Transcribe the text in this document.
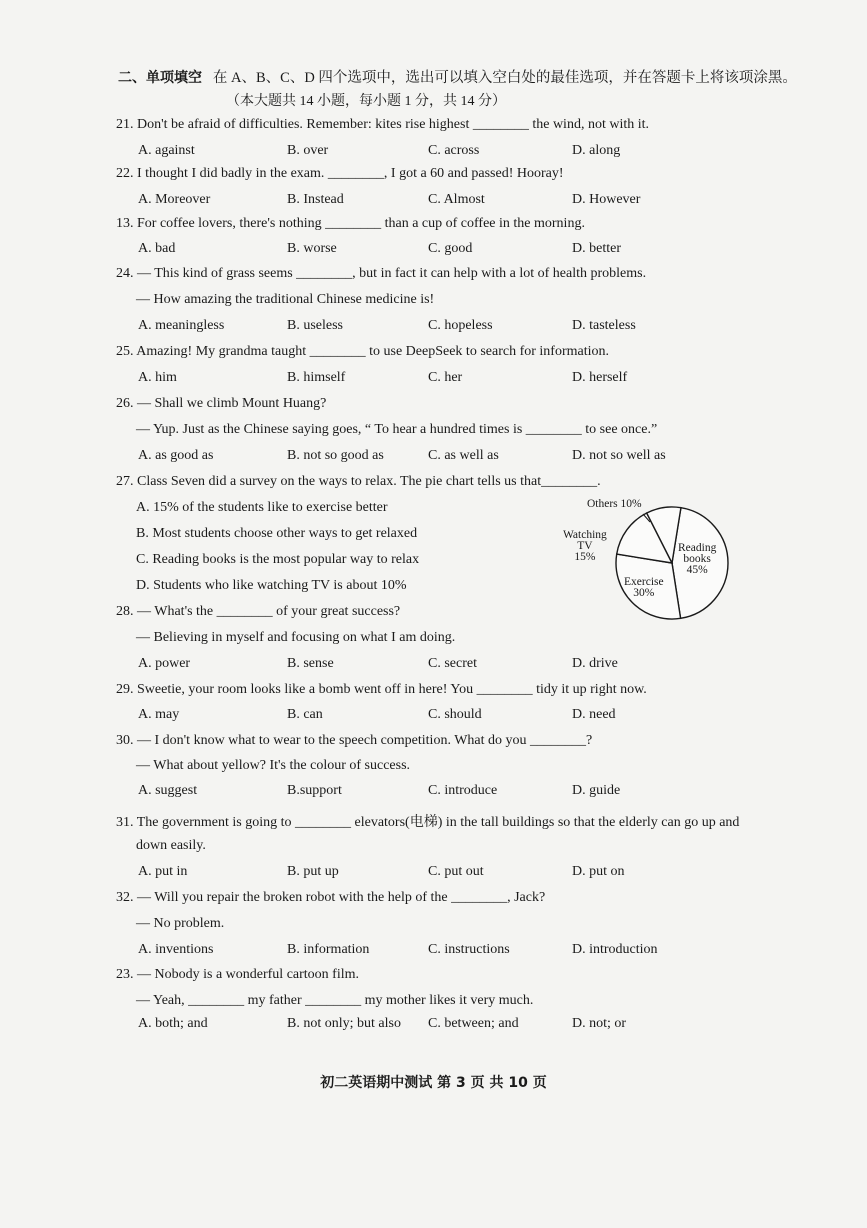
二、单项填空 在 A、B、C、D 四个选项中，选出可以填入空白处的最佳选项，并在答题卡上将该项涂黑。
（本大题共 14 小题，每小题 1 分，共 14 分）
21. Don't be afraid of difficulties. Remember: kites rise highest ________ the wind, not with it.
A. against	B. over	C. across	D. along
22. I thought I did badly in the exam. ________, I got a 60 and passed! Hooray!
A. Moreover	B. Instead	C. Almost	D. However
13. For coffee lovers, there's nothing ________ than a cup of coffee in the morning.
A. bad	B. worse	C. good	D. better
24. — This kind of grass seems ________, but in fact it can help with a lot of health problems.
— How amazing the traditional Chinese medicine is!
A. meaningless	B. useless	C. hopeless	D. tasteless
25. Amazing! My grandma taught ________ to use DeepSeek to search for information.
A. him	B. himself	C. her	D. herself
26. — Shall we climb Mount Huang?
— Yup. Just as the Chinese saying goes, “ To hear a hundred times is ________ to see once.”
A. as good as	B. not so good as	C. as well as	D. not so well as
27. Class Seven did a survey on the ways to relax. The pie chart tells us that________.
A. 15% of the students like to exercise better
B. Most students choose other ways to get relaxed
C. Reading books is the most popular way to relax
D. Students who like watching TV is about 10%
28. — What's the ________ of your great success?
— Believing in myself and focusing on what I am doing.
A. power	B. sense	C. secret	D. drive
29. Sweetie, your room looks like a bomb went off in here! You ________ tidy it up right now.
A. may	B. can	C. should	D. need
30. — I don't know what to wear to the speech competition. What do you ________?
— What about yellow? It's the colour of success.
A. suggest	B.support	C. introduce	D. guide
31. The government is going to ________ elevators(电梯) in the tall buildings so that the elderly can go up and
down easily.
A. put in	B. put up	C. put out	D. put on
32. — Will you repair the broken robot with the help of the ________, Jack?
— No problem.
A. inventions	B. information	C. instructions	D. introduction
23. — Nobody is a wonderful cartoon film.
— Yeah, ________ my father ________ my mother likes it very much.
A. both; and	B. not only; but also C. between; and	D. not; or
Others 10%
Watching
TV
15%
Reading
books
45%
Exercise
30%
初二英语期中测试 第 3 页 共 10 页
